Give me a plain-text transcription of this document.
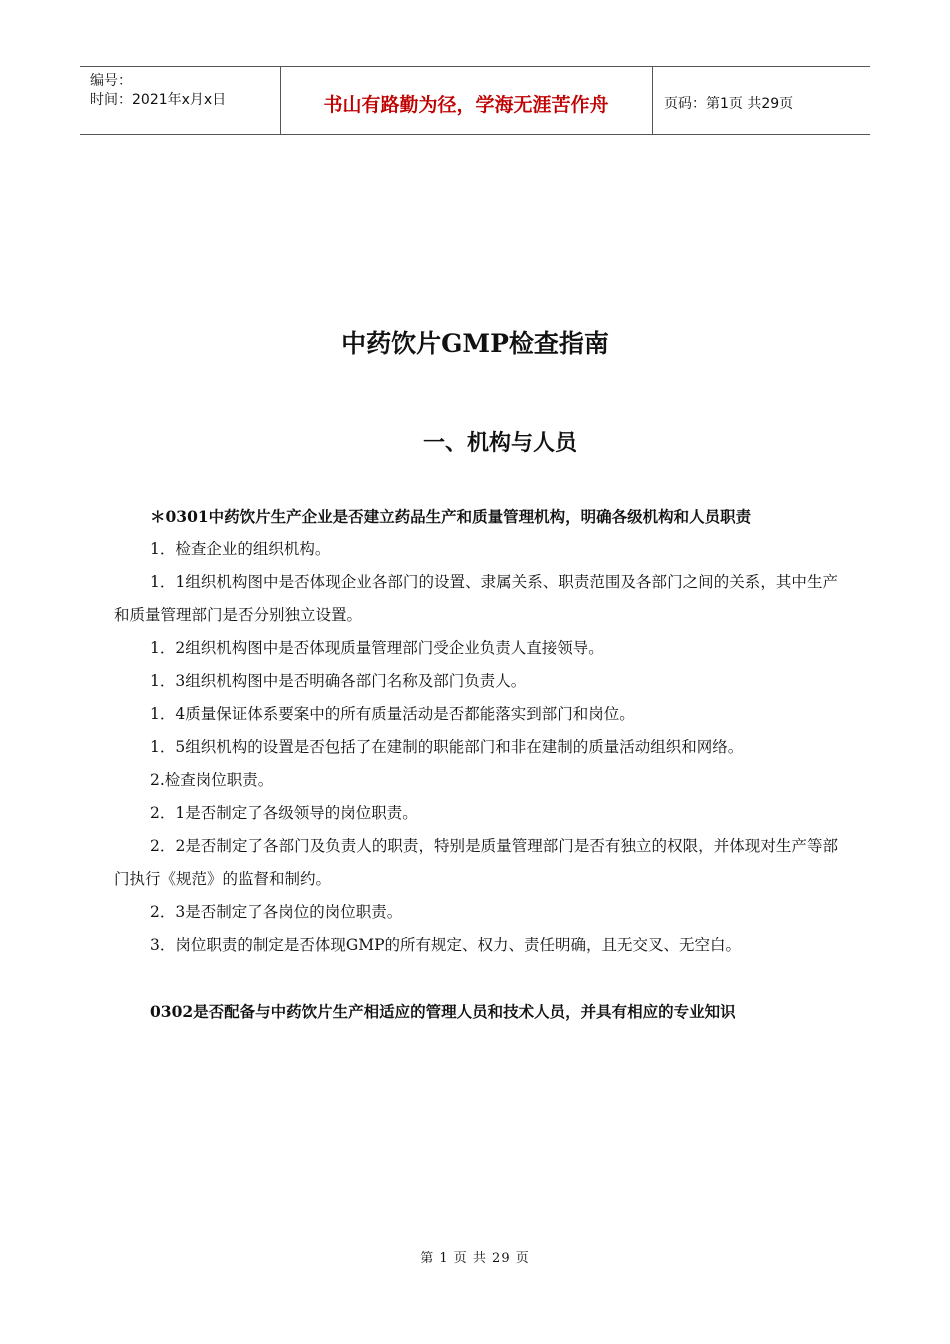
编号：
时间：2021年x月x日	书山有路勤为径，学海无涯苦作舟	页码：第1页 共29页
中药饮片GMP检查指南
一、机构与人员

＊0301中药饮片生产企业是否建立药品生产和质量管理机构，明确各级机构和人员职责

1．检查企业的组织机构。

1．1组织机构图中是否体现企业各部门的设置、隶属关系、职责范围及各部门之间的关系，其中生产和质量管理部门是否分别独立设置。

1．2组织机构图中是否体现质量管理部门受企业负责人直接领导。

1．3组织机构图中是否明确各部门名称及部门负责人。

1．4质量保证体系要案中的所有质量活动是否都能落实到部门和岗位。

1．5组织机构的设置是否包括了在建制的职能部门和非在建制的质量活动组织和网络。

2.检查岗位职责。

2．1是否制定了各级领导的岗位职责。

2．2是否制定了各部门及负责人的职责，特别是质量管理部门是否有独立的权限，并体现对生产等部门执行《规范》的监督和制约。

2．3是否制定了各岗位的岗位职责。

3．岗位职责的制定是否体现GMP的所有规定、权力、责任明确，且无交叉、无空白。

0302是否配备与中药饮片生产相适应的管理人员和技术人员，并具有相应的专业知识

第 1 页 共 29 页
